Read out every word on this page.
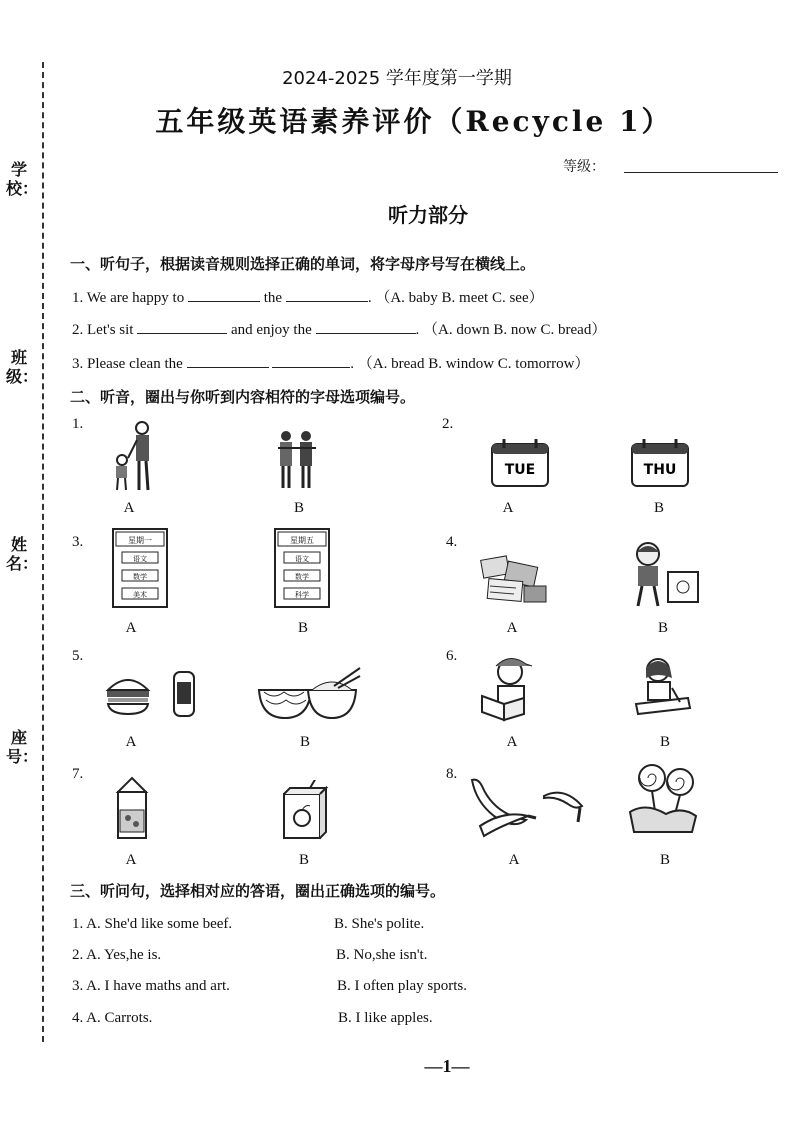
学校：
班级：
姓名：
座号：
2024-2025 学年度第一学期
五年级英语素养评价（Recycle 1）
等级：
听力部分
一、听句子，根据读音规则选择正确的单词，将字母序号写在横线上。
1. We are happy to	the	. （A. baby B. meet C. see）
2. Let's sit	and enjoy the	. （A. down B. now C. bread）
3. Please clean the	. （A. bread B. window C. tomorrow）
二、听音，圈出与你听到内容相符的字母选项编号。
1.
A	B
2.
TUE
A
THU
B
3.	星期一
语文
数学
美术
A
星期五
语文
数学
科学
B
4.
A	B
5.
A	B
6.
A	B
7.
A	B
8.
A	B
三、听问句，选择相对应的答语，圈出正确选项的编号。
1. A. She'd like some beef.	B. She's polite.
2. A. Yes,he is.	B. No,she isn't.
3. A. I have maths and art.	B. I often play sports.
4. A. Carrots.	B. I like apples.
—1—
